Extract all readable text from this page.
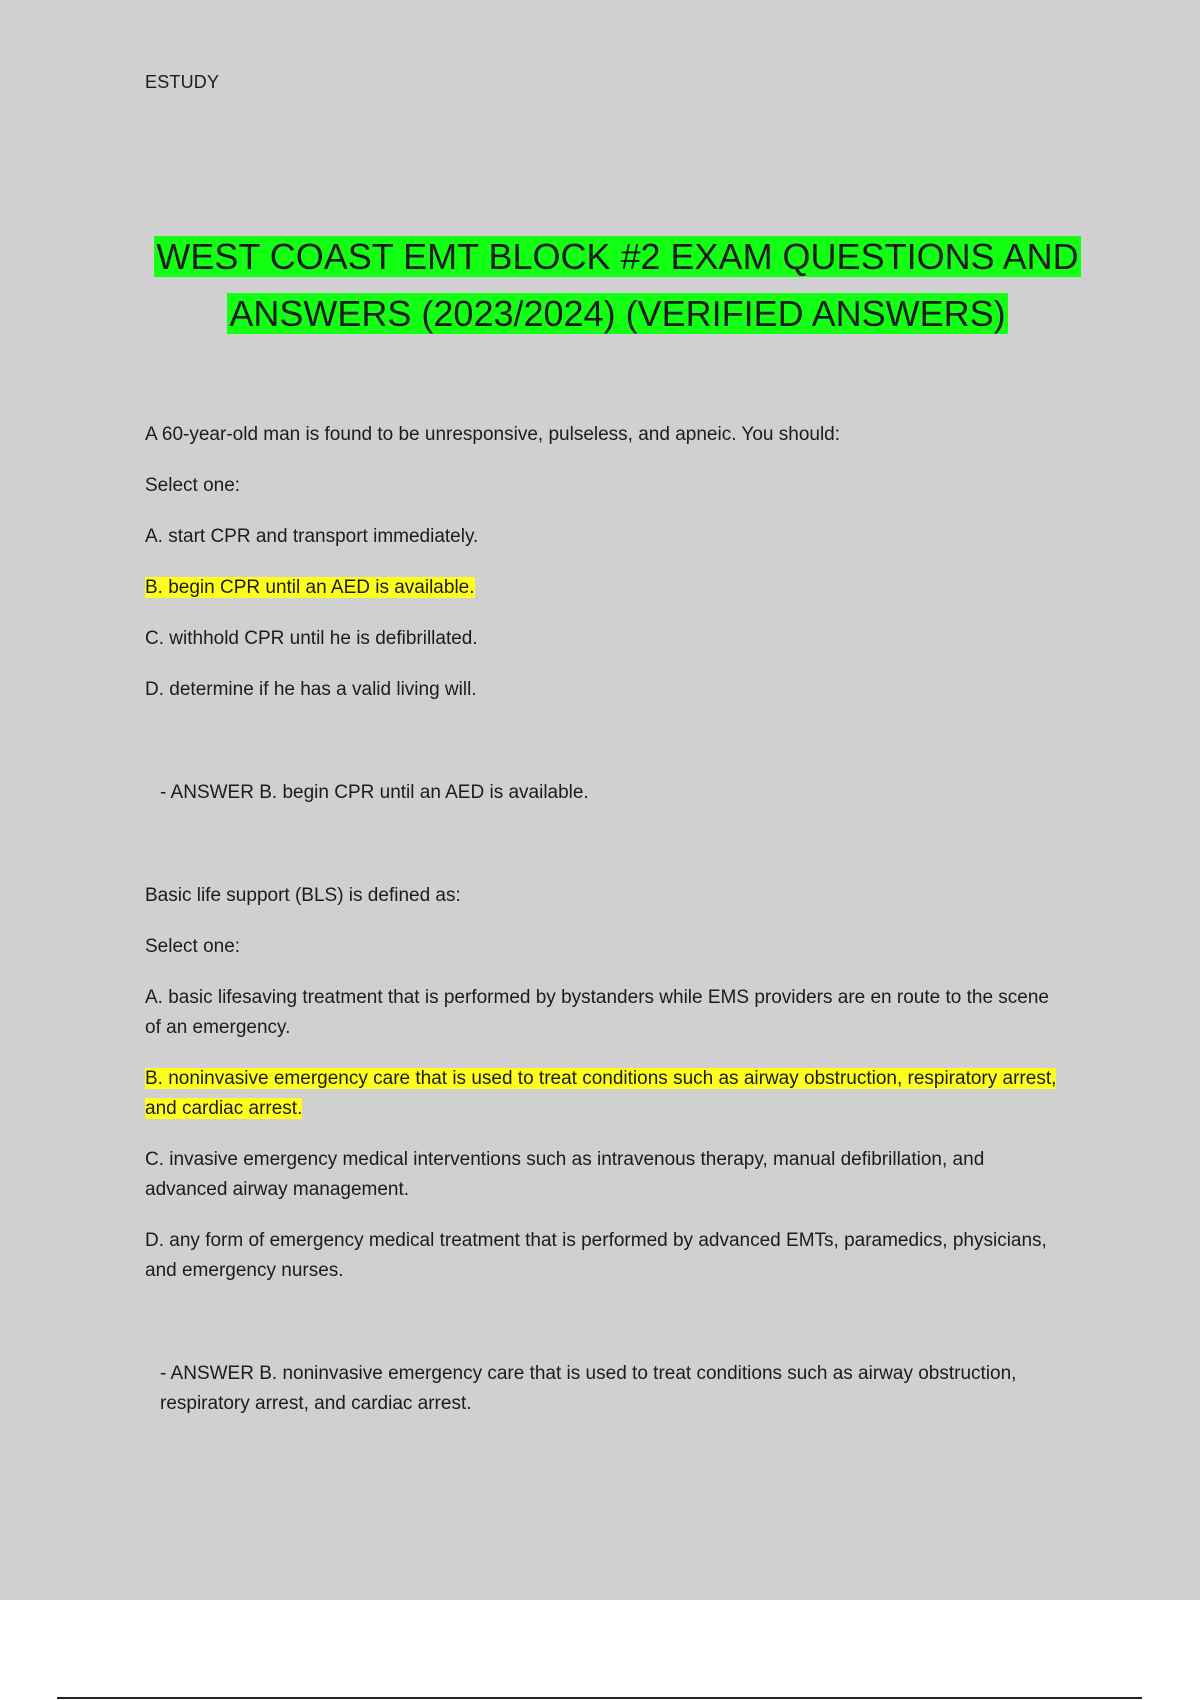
ESTUDY
WEST COAST EMT BLOCK #2 EXAM QUESTIONS AND
ANSWERS (2023/2024) (VERIFIED ANSWERS)

A 60-year-old man is found to be unresponsive, pulseless, and apneic. You should:

Select one:

A. start CPR and transport immediately.

B. begin CPR until an AED is available.

C. withhold CPR until he is defibrillated.

D. determine if he has a valid living will.

- ANSWER B. begin CPR until an AED is available.

Basic life support (BLS) is defined as:

Select one:

A. basic lifesaving treatment that is performed by bystanders while EMS providers are en route to the scene of an emergency.

B. noninvasive emergency care that is used to treat conditions such as airway obstruction, respiratory arrest, and cardiac arrest.

C. invasive emergency medical interventions such as intravenous therapy, manual defibrillation, and advanced airway management.

D. any form of emergency medical treatment that is performed by advanced EMTs, paramedics, physicians, and emergency nurses.

- ANSWER B. noninvasive emergency care that is used to treat conditions such as airway obstruction, respiratory arrest, and cardiac arrest.
